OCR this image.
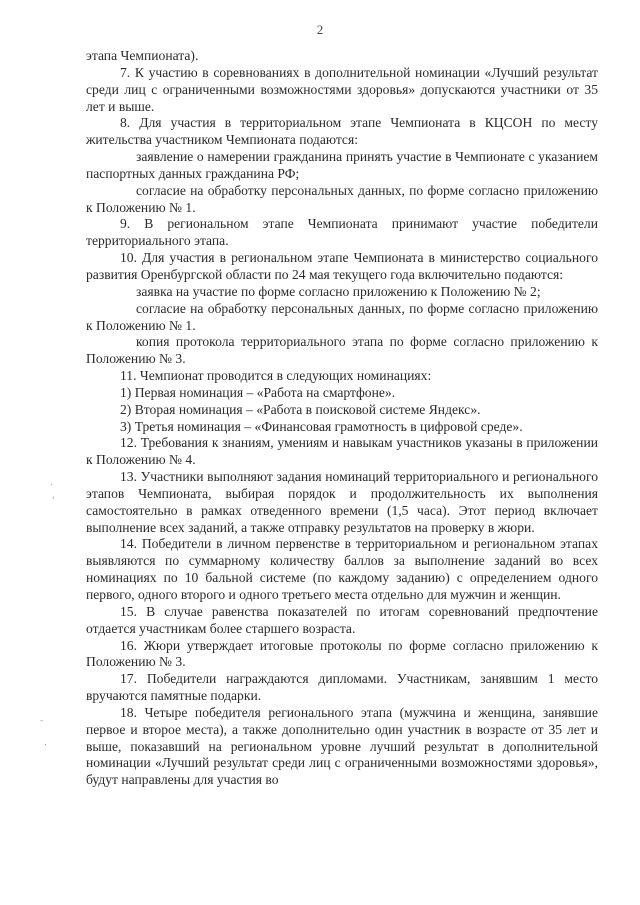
2
.
'
-
.

этапа Чемпионата).

7. К участию в соревнованиях в дополнительной номинации «Лучший результат среди лиц с ограниченными возможностями здоровья» допускаются участники от 35 лет и выше.

8. Для участия в территориальном этапе Чемпионата в КЦСОН по месту жительства участником Чемпионата подаются:

заявление о намерении гражданина принять участие в Чемпионате с указанием паспортных данных гражданина РФ;

согласие на обработку персональных данных, по форме согласно приложению к Положению № 1.

9. В региональном этапе Чемпионата принимают участие победители территориального этапа.

10. Для участия в региональном этапе Чемпионата в министерство социального развития Оренбургской области по 24 мая текущего года включительно подаются:

заявка на участие по форме согласно приложению к Положению № 2;

согласие на обработку персональных данных, по форме согласно приложению к Положению № 1.

копия протокола территориального этапа по форме согласно приложению к Положению № 3.

11. Чемпионат проводится в следующих номинациях:

1) Первая номинация – «Работа на смартфоне».

2) Вторая номинация – «Работа в поисковой системе Яндекс».

3) Третья номинация – «Финансовая грамотность в цифровой среде».

12. Требования к знаниям, умениям и навыкам участников указаны в приложении к Положению № 4.

13. Участники выполняют задания номинаций территориального и регионального этапов Чемпионата, выбирая порядок и продолжительность их выполнения самостоятельно в рамках отведенного времени (1,5 часа). Этот период включает выполнение всех заданий, а также отправку результатов на проверку в жюри.

14. Победители в личном первенстве в территориальном и региональном этапах выявляются по суммарному количеству баллов за выполнение заданий во всех номинациях по 10 бальной системе (по каждому заданию) с определением одного первого, одного второго и одного третьего места отдельно для мужчин и женщин.

15. В случае равенства показателей по итогам соревнований предпочтение отдается участникам более старшего возраста.

16. Жюри утверждает итоговые протоколы по форме согласно приложению к Положению № 3.

17. Победители награждаются дипломами. Участникам, занявшим 1 место вручаются памятные подарки.

18. Четыре победителя регионального этапа (мужчина и женщина, занявшие первое и второе места), а также дополнительно один участник в возрасте от 35 лет и выше, показавший на региональном уровне лучший результат в дополнительной номинации «Лучший результат среди лиц с ограниченными возможностями здоровья», будут направлены для участия во
